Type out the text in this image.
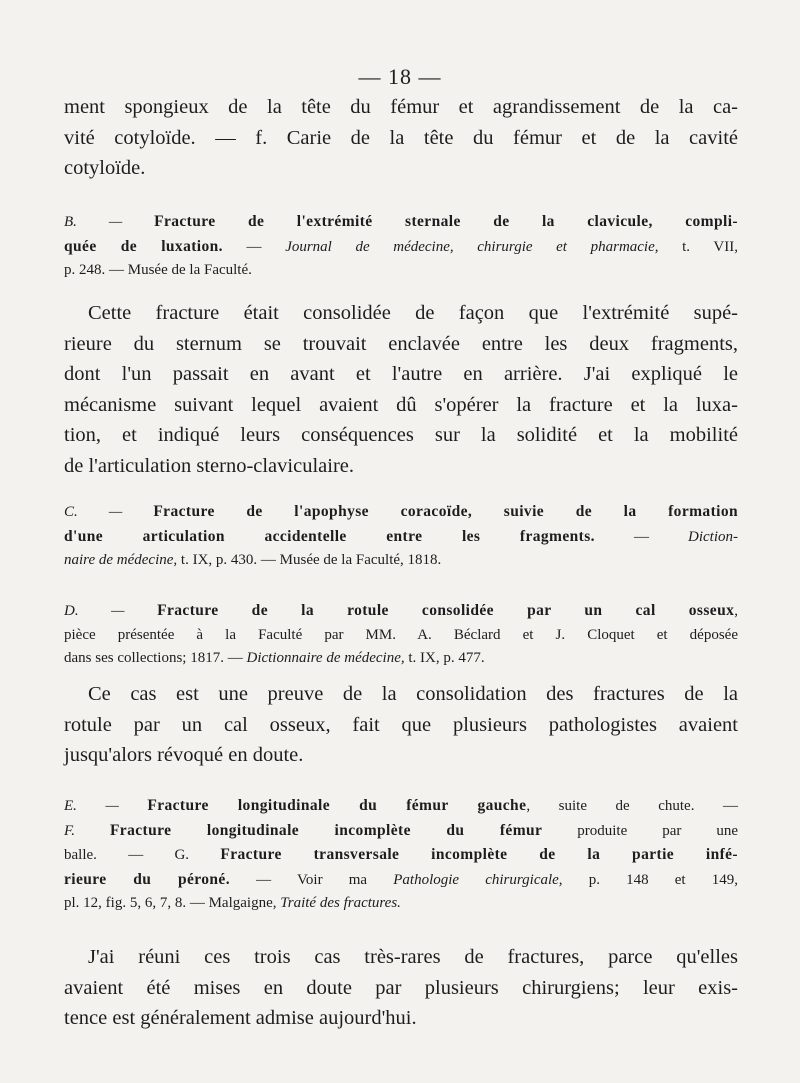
— 18 —
ment spongieux de la tête du fémur et agrandissement de la ca-
vité cotyloïde. — f. Carie de la tête du fémur et de la cavité
cotyloïde.
B. — Fracture de l'extrémité sternale de la clavicule, compli-
quée de luxation. — Journal de médecine, chirurgie et pharmacie, t. VII,
p. 248. — Musée de la Faculté.
Cette fracture était consolidée de façon que l'extrémité supé-
rieure du sternum se trouvait enclavée entre les deux fragments,
dont l'un passait en avant et l'autre en arrière. J'ai expliqué le
mécanisme suivant lequel avaient dû s'opérer la fracture et la luxa-
tion, et indiqué leurs conséquences sur la solidité et la mobilité
de l'articulation sterno-claviculaire.
C. — Fracture de l'apophyse coracoïde, suivie de la formation
d'une articulation accidentelle entre les fragments. — Diction-
naire de médecine, t. IX, p. 430. — Musée de la Faculté, 1818.
D. — Fracture de la rotule consolidée par un cal osseux,
pièce présentée à la Faculté par MM. A. Béclard et J. Cloquet et déposée
dans ses collections; 1817. — Dictionnaire de médecine, t. IX, p. 477.
Ce cas est une preuve de la consolidation des fractures de la
rotule par un cal osseux, fait que plusieurs pathologistes avaient
jusqu'alors révoqué en doute.
E. — Fracture longitudinale du fémur gauche, suite de chute. —
F. Fracture longitudinale incomplète du fémur produite par une
balle. — G. Fracture transversale incomplète de la partie infé-
rieure du péroné. — Voir ma Pathologie chirurgicale, p. 148 et 149,
pl. 12, fig. 5, 6, 7, 8. — Malgaigne, Traité des fractures.
J'ai réuni ces trois cas très-rares de fractures, parce qu'elles
avaient été mises en doute par plusieurs chirurgiens; leur exis-
tence est généralement admise aujourd'hui.
